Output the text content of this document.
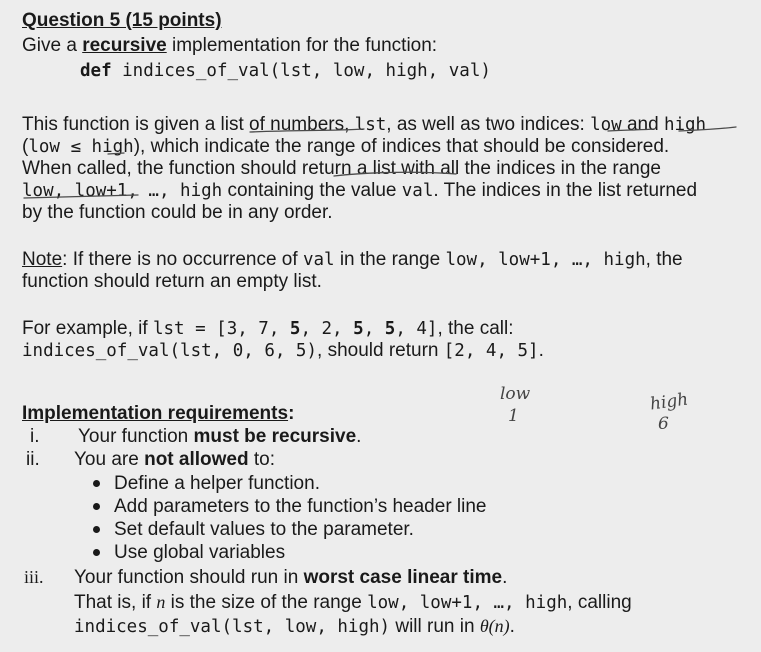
Question 5 (15 points)
Give a recursive implementation for the function:
def indices_of_val(lst, low, high, val)
This function is given a list of numbers, lst, as well as two indices: low and high
(low ≤ high), which indicate the range of indices that should be considered.
When called, the function should return a list with all the indices in the range
low, low+1, …, high containing the value val. The indices in the list returned
by the function could be in any order.
Note: If there is no occurrence of val in the range low, low+1, …, high, the
function should return an empty list.
For example, if lst = [3, 7, 5, 2, 5, 5, 4], the call:
indices_of_val(lst, 0, 6, 5), should return [2, 4, 5].
Implementation requirements:
i. Your function must be recursive.
ii. You are not allowed to:
Define a helper function.
Add parameters to the function’s header line
Set default values to the parameter.
Use global variables
iii. Your function should run in worst case linear time.
That is, if n is the size of the range low, low+1, …, high, calling
indices_of_val(lst, low, high) will run in θ(n).
low
1
high
6
